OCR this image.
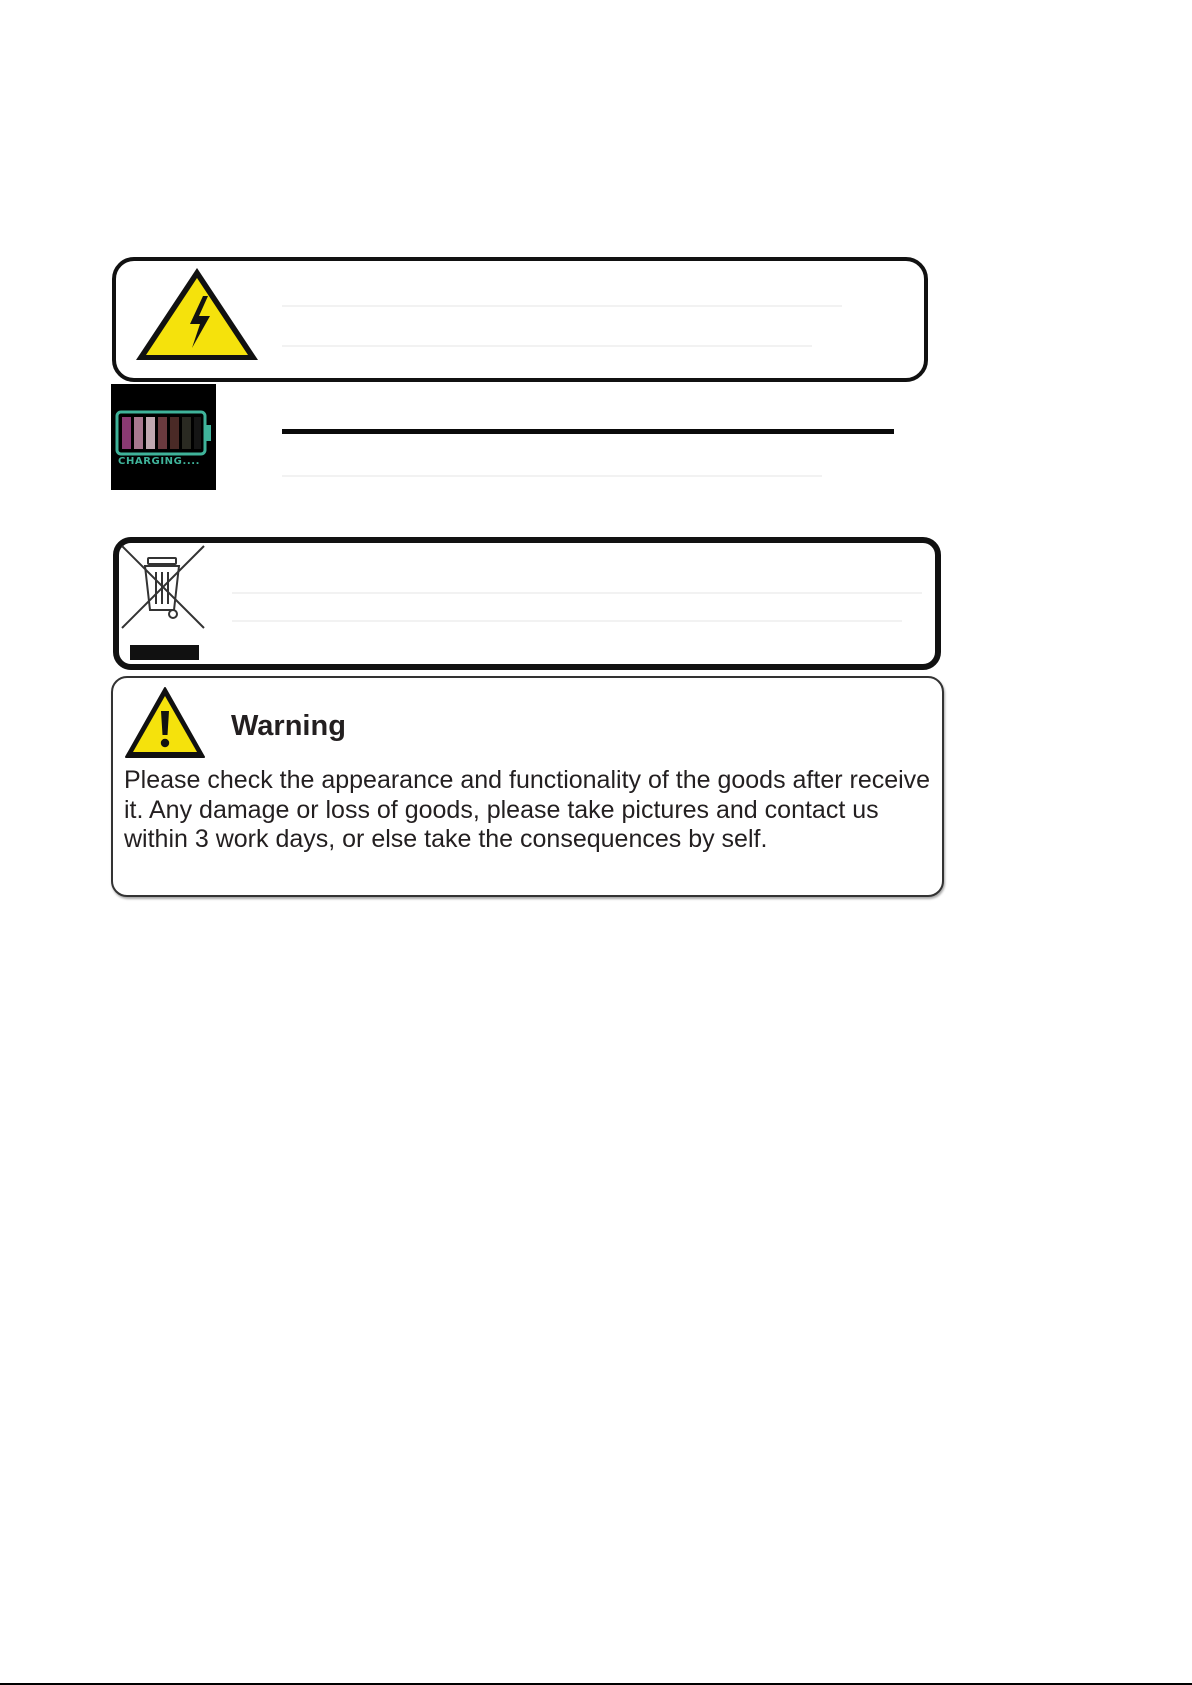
CHARGING....
Warning

Please check the appearance and functionality of the goods after receive it. Any damage or loss of goods, please take pictures and contact us within 3 work days, or else take the consequences by self.
